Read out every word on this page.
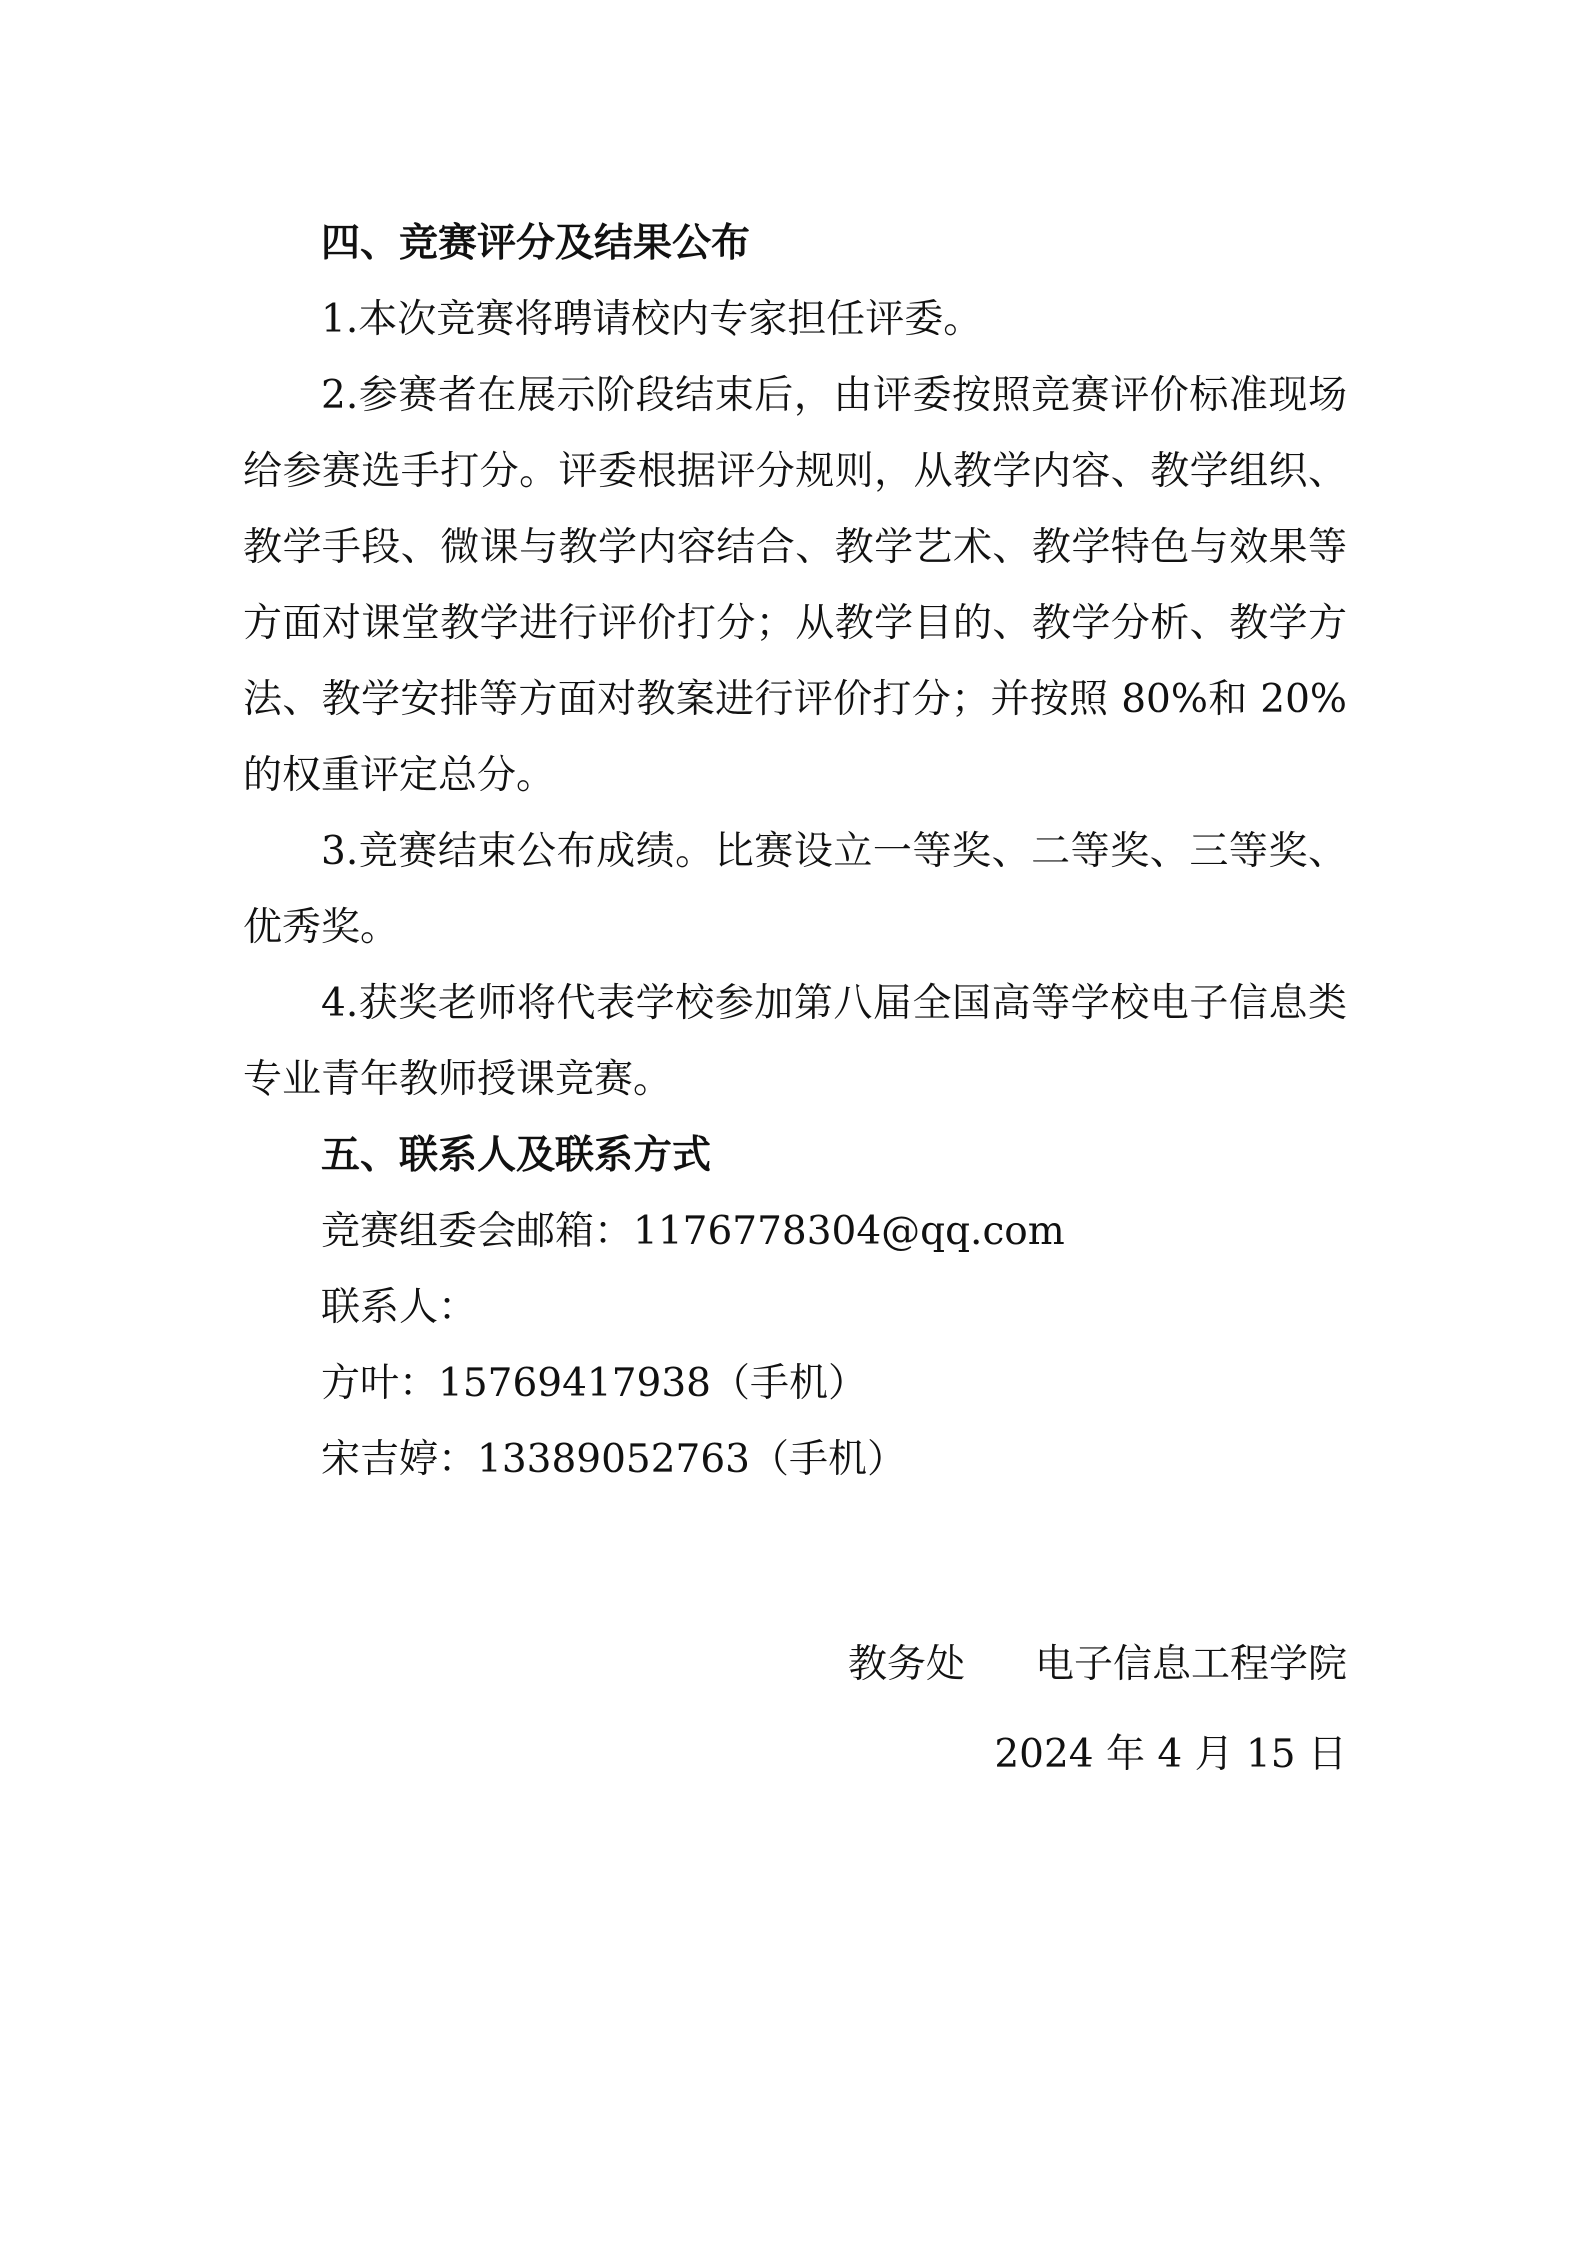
四、竞赛评分及结果公布

1.本次竞赛将聘请校内专家担任评委。

2.参赛者在展示阶段结束后，由评委按照竞赛评价标准现场给参赛选手打分。评委根据评分规则，从教学内容、教学组织、教学手段、微课与教学内容结合、教学艺术、教学特色与效果等方面对课堂教学进行评价打分；从教学目的、教学分析、教学方法、教学安排等方面对教案进行评价打分；并按照 80%和 20%的权重评定总分。

3.竞赛结束公布成绩。比赛设立一等奖、二等奖、三等奖、优秀奖。

4.获奖老师将代表学校参加第八届全国高等学校电子信息类专业青年教师授课竞赛。

五、联系人及联系方式

竞赛组委会邮箱：1176778304@qq.com

联系人：

方叶：15769417938（手机）

宋吉婷：13389052763（手机）

教务处 电子信息工程学院
2024 年 4 月 15 日
